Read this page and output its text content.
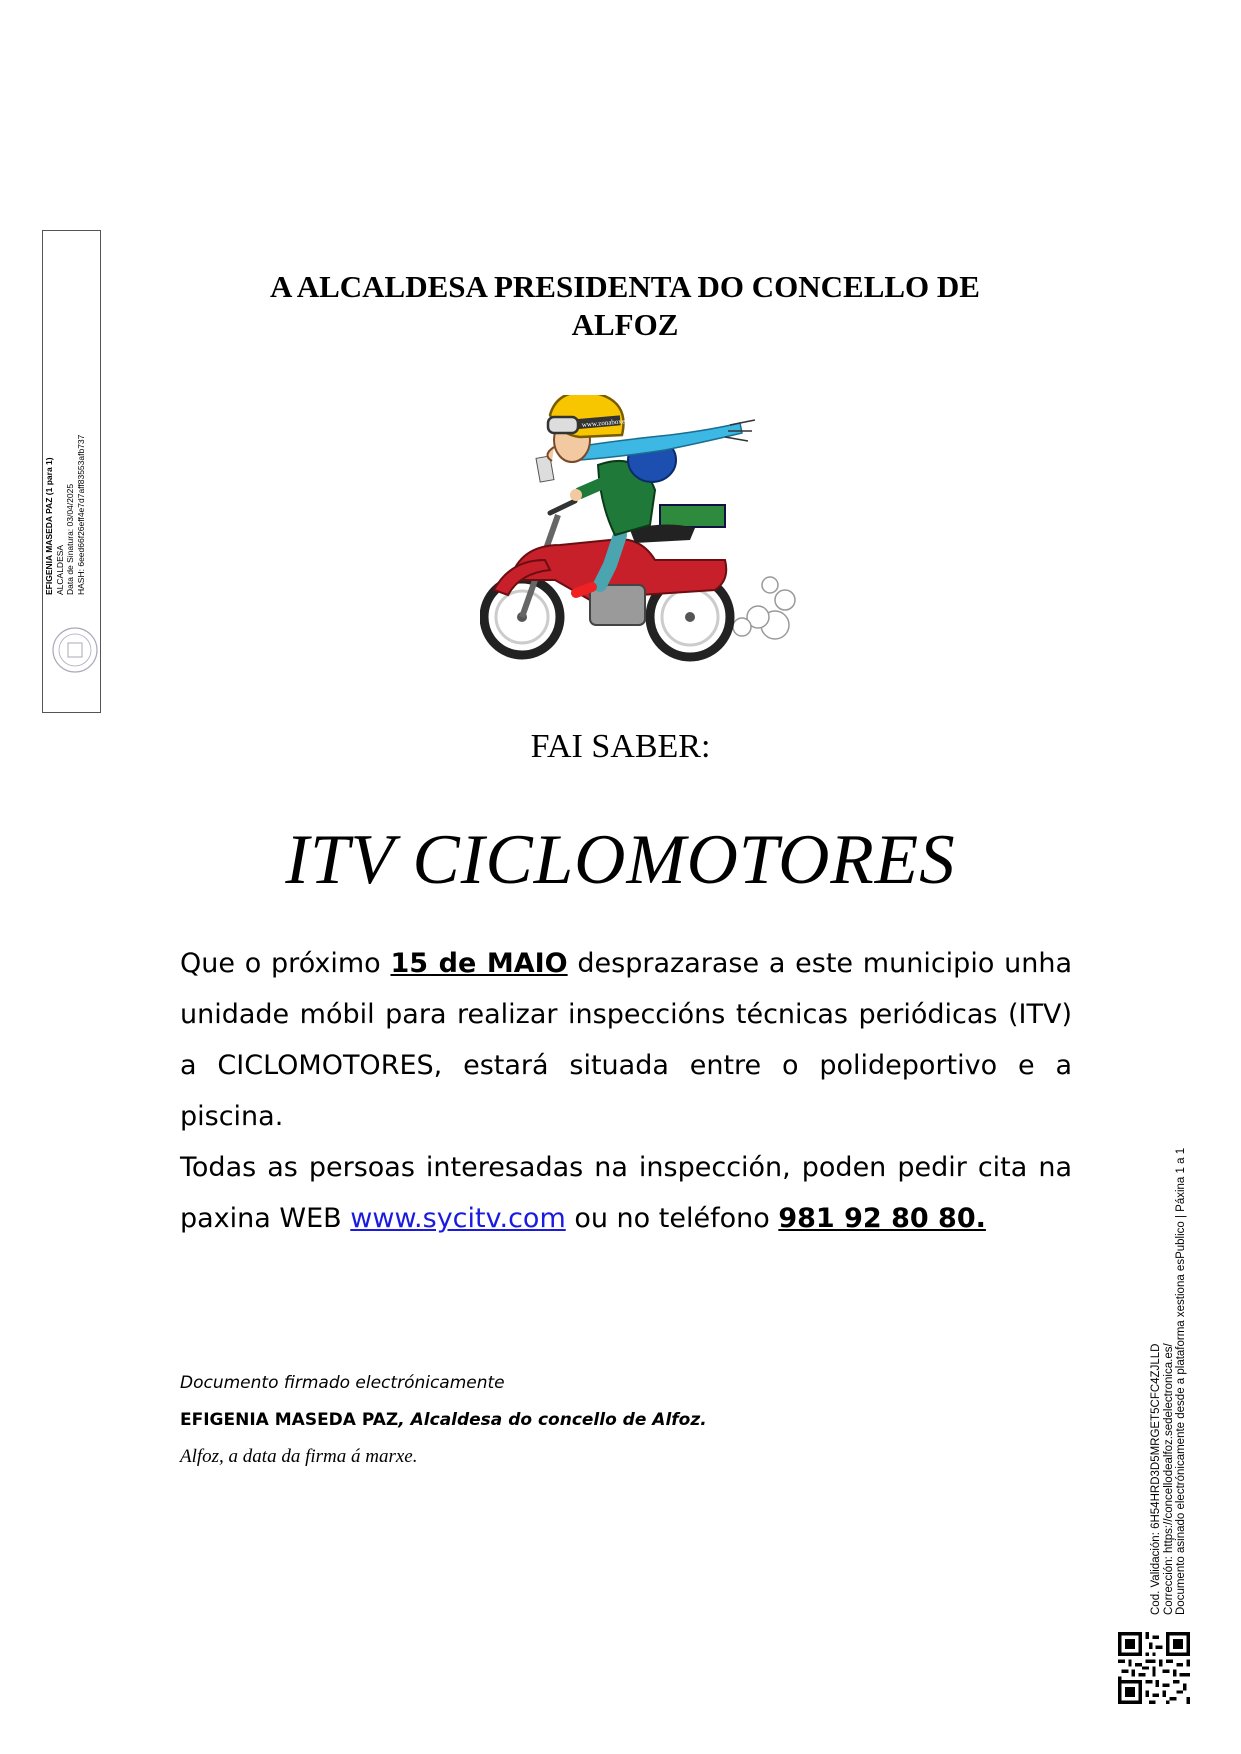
A ALCALDESA PRESIDENTA DO CONCELLO DE
ALFOZ
www.zonaboxes.com
FAI SABER:
ITV CICLOMOTORES

Que o próximo 15 de MAIO desprazarase a este municipio unha unidade móbil para realizar inspeccións técnicas periódicas (ITV) a CICLOMOTORES, estará situada entre o polideportivo e a piscina.

Todas as persoas interesadas na inspección, poden pedir cita na paxina WEB www.sycitv.com ou no teléfono 981 92 80 80.

Documento firmado electrónicamente
EFIGENIA MASEDA PAZ, Alcaldesa do concello de Alfoz.
Alfoz, a data da firma á marxe.
EFIGENIA MASEDA PAZ (1 para 1) ALCALDESA Data de Sinatura: 03/04/2025 HASH: 6eed66f26eff4e7d7aff83553afb737
Cod. Validación: 6H54HRD3D5MRGET5CFC4ZJLLD Corrección: https://concellodealfoz.sedelectronica.es/ Documento asinado electrónicamente desde a plataforma xestiona esPublico | Páxina 1 a 1
